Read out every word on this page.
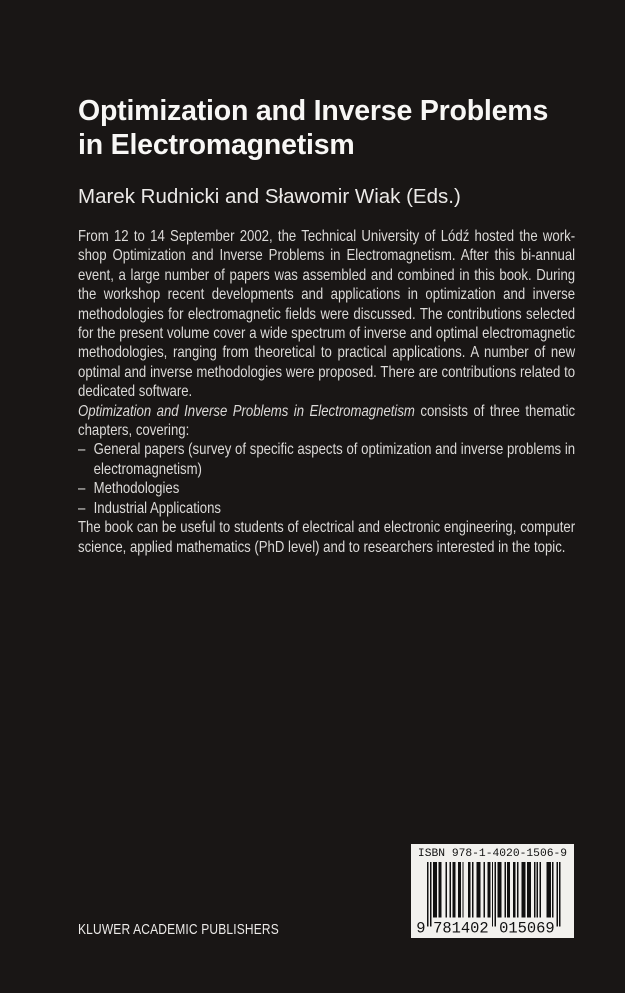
Optimization and Inverse Problems
in Electromagnetism
Marek Rudnicki and Sławomir Wiak (Eds.)

From 12 to 14 September 2002, the Technical University of Lódź hosted the work-shop Optimization and Inverse Problems in Electromagnetism. After this bi-annual event, a large number of papers was assembled and combined in this book. During the workshop recent developments and applications in optimization and inverse methodologies for electromagnetic fields were discussed. The contributions selected for the present volume cover a wide spectrum of inverse and optimal electromagnetic methodologies, ranging from theoretical to practical applications. A number of new optimal and inverse methodologies were proposed. There are contributions related to dedicated software.

Optimization and Inverse Problems in Electromagnetism consists of three thematic chapters, covering:

– General papers (survey of specific aspects of optimization and inverse problems in electromagnetism)
– Methodologies
– Industrial Applications

The book can be useful to students of electrical and electronic engineering, computer science, applied mathematics (PhD level) and to researchers interested in the topic.

KLUWER ACADEMIC PUBLISHERS
ISBN 978-1-4020-1506-9
9 781402 015069
